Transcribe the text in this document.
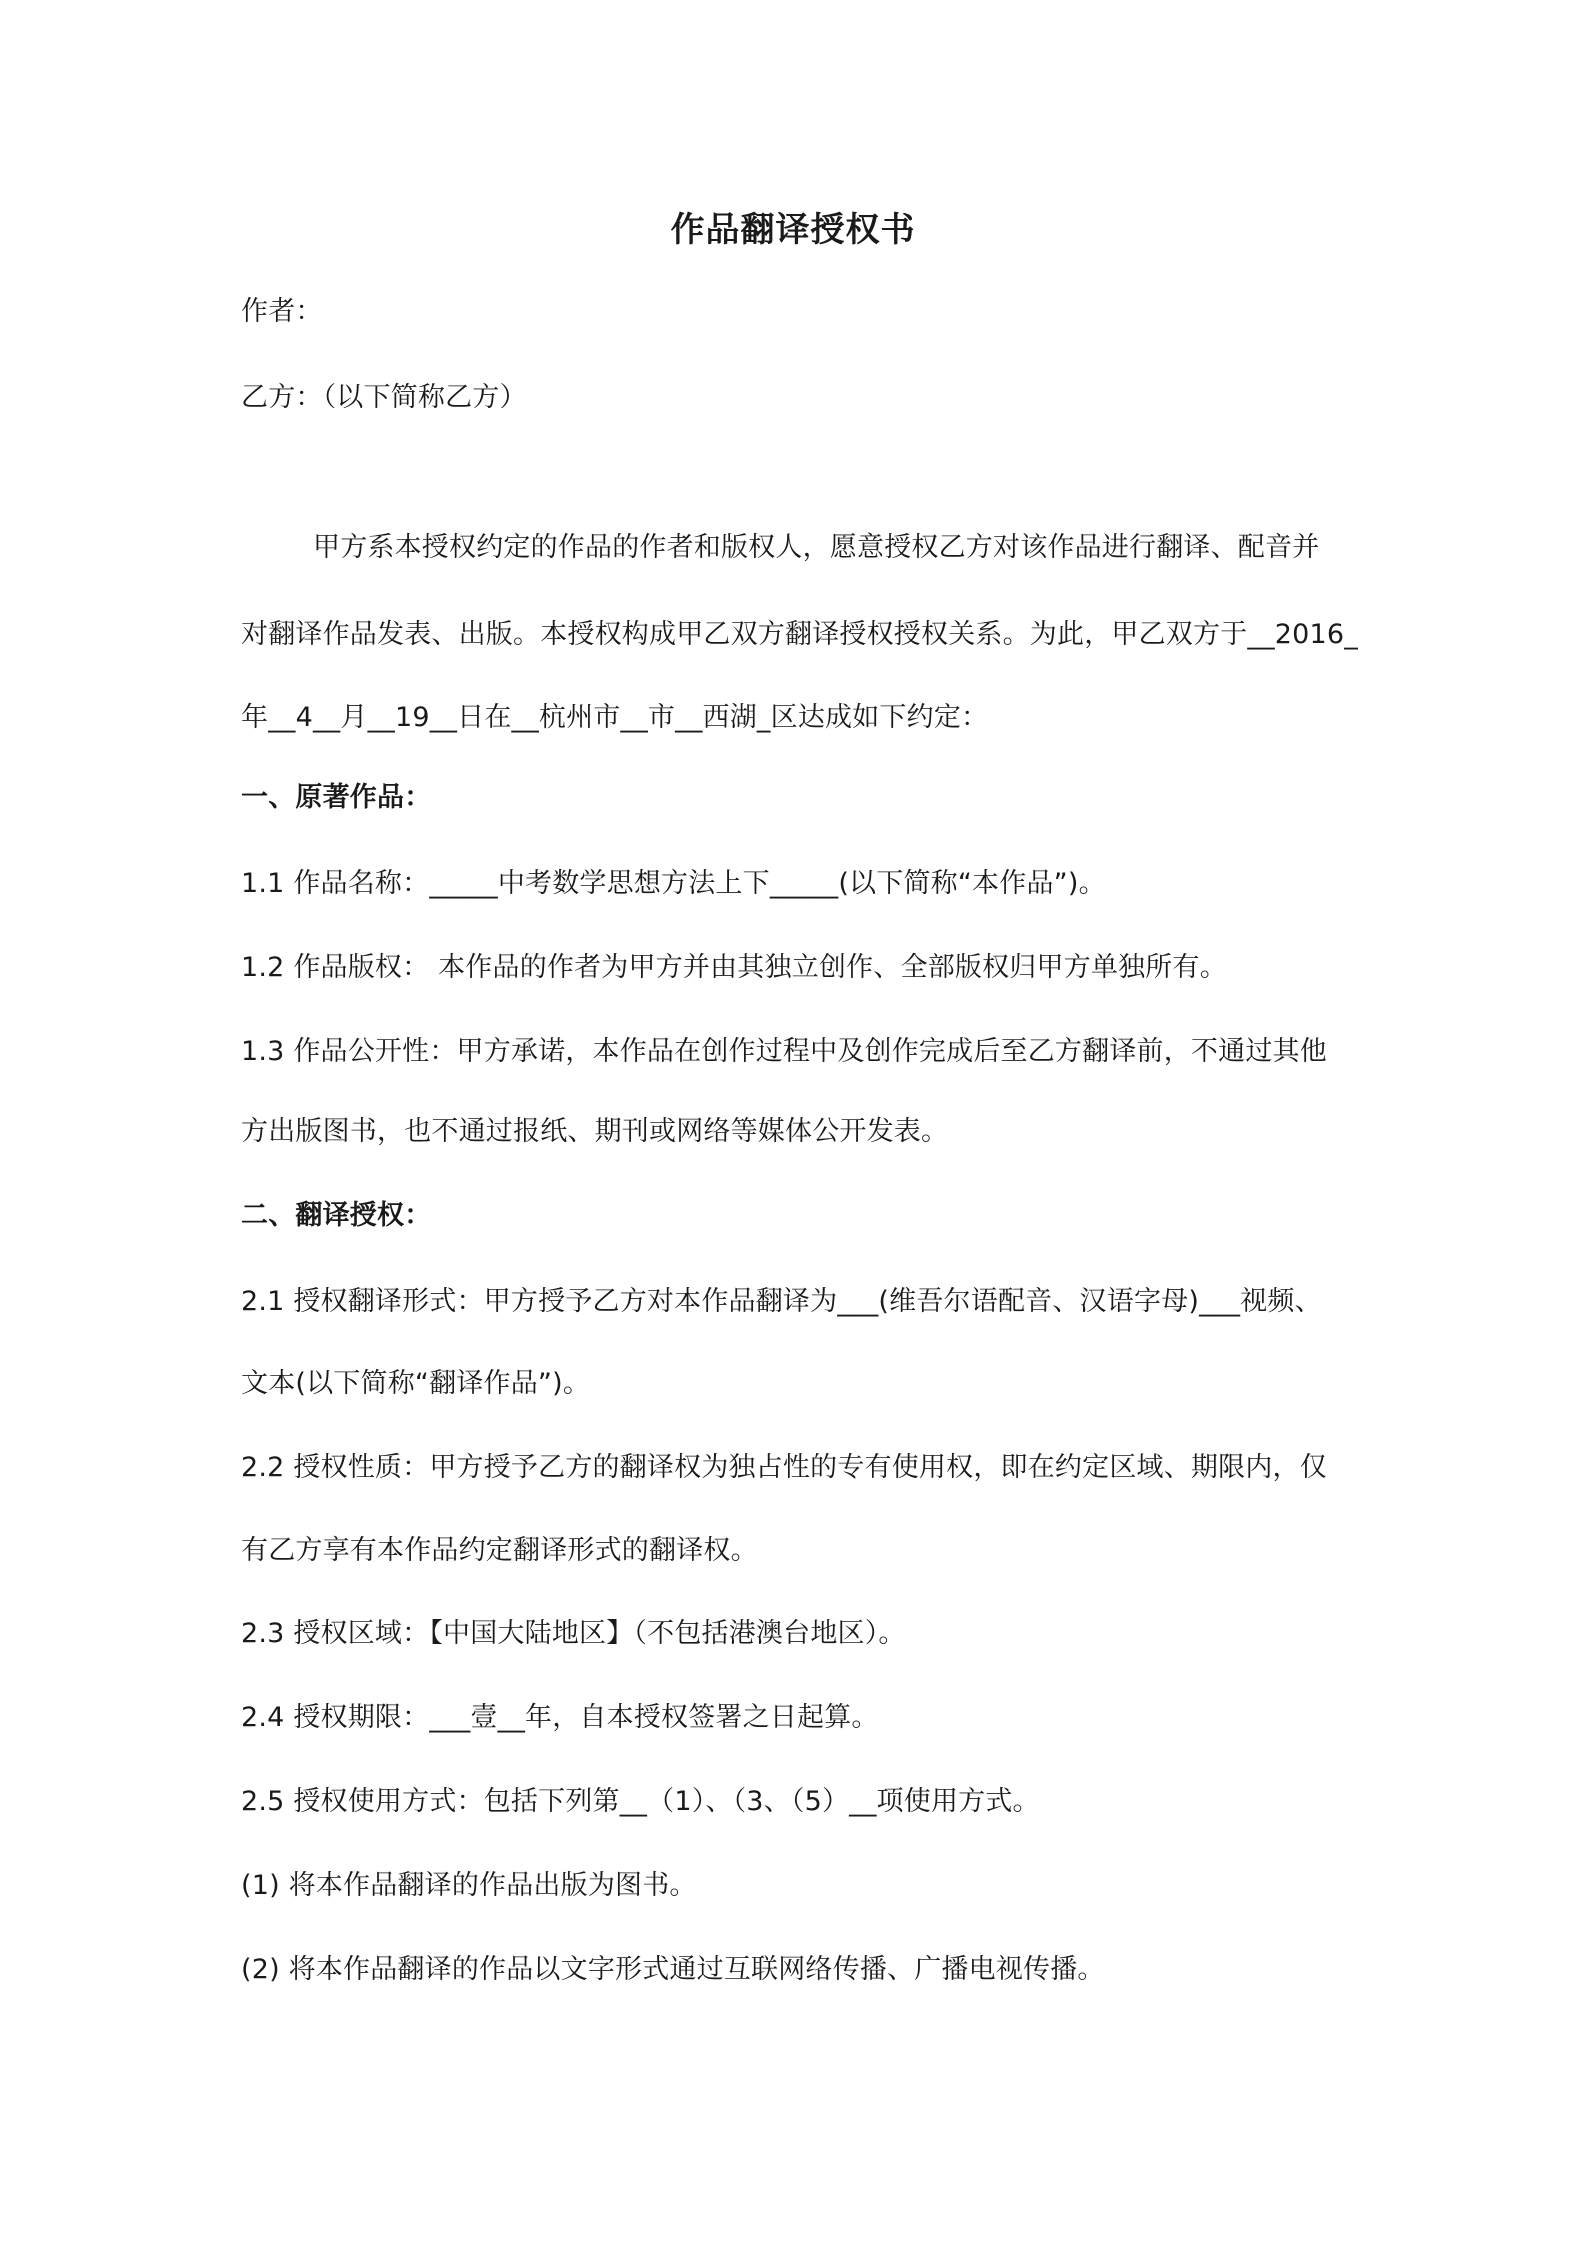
作品翻译授权书
作者：
乙方：（以下简称乙方）
甲方系本授权约定的作品的作者和版权人，愿意授权乙方对该作品进行翻译、配音并
对翻译作品发表、出版。本授权构成甲乙双方翻译授权授权关系。为此，甲乙双方于__2016_
年__4__月__19__日在__杭州市__市__西湖_区达成如下约定：
一、原著作品：
1.1 作品名称：_____中考数学思想方法上下_____(以下简称“本作品”)。
1.2 作品版权： 本作品的作者为甲方并由其独立创作、全部版权归甲方单独所有。
1.3 作品公开性：甲方承诺，本作品在创作过程中及创作完成后至乙方翻译前，不通过其他
方出版图书，也不通过报纸、期刊或网络等媒体公开发表。
二、翻译授权：
2.1 授权翻译形式：甲方授予乙方对本作品翻译为___(维吾尔语配音、汉语字母)___视频、
文本(以下简称“翻译作品”)。
2.2 授权性质：甲方授予乙方的翻译权为独占性的专有使用权，即在约定区域、期限内，仅
有乙方享有本作品约定翻译形式的翻译权。
2.3 授权区域：【中国大陆地区】（不包括港澳台地区）。
2.4 授权期限：___壹__年，自本授权签署之日起算。
2.5 授权使用方式：包括下列第__（1）、（3、（5）__项使用方式。
(1) 将本作品翻译的作品出版为图书。
(2) 将本作品翻译的作品以文字形式通过互联网络传播、广播电视传播。
